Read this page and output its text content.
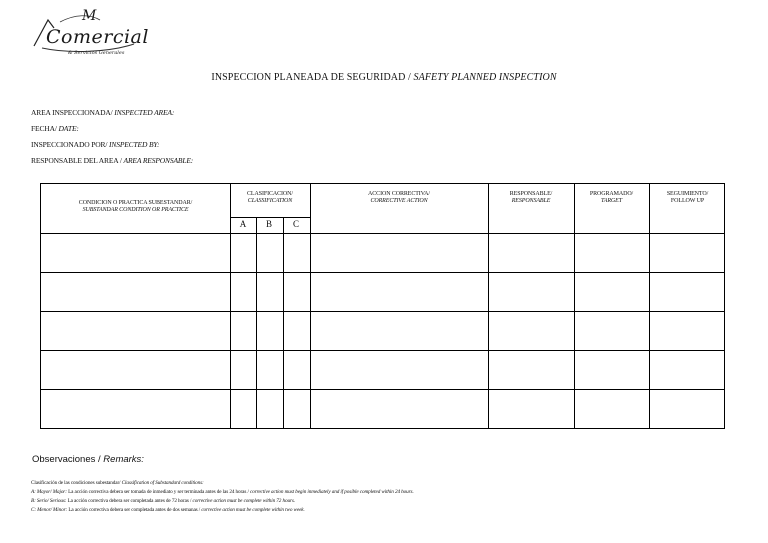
M
Comercial
& Servicios Generales
INSPECCION PLANEADA DE SEGURIDAD / SAFETY PLANNED INSPECTION
AREA INSPECCIONADA/ INSPECTED AREA:
FECHA/ DATE:
INSPECCIONADO POR/ INSPECTED BY:
RESPONSABLE DEL AREA / AREA RESPONSABLE:
CONDICION O PRACTICA SUBESTANDAR/
SUBSTANDAR CONDITION OR PRACTICE
CLASIFICACION/
CLASSIFICATION
A	B	C
ACCION CORRECTIVA/
CORRECTIVE ACTION
RESPONSABLE/
RESPONSABLE
PROGRAMADO/
TARGET
SEGUIMIENTO/
FOLLOW UP
Observaciones / Remarks:
Clasificación de las condiciones subestandar/ Classification of Substandard conditions:
A: Mayor/ Major: La acción correctiva debera ser tomada de inmediato y ser terminada antes de las 24 horas / corrective action must begin inmediately and if posible completed within 24 hours.
B: Serio/ Serious: La acción correctiva debera ser completada antes de 72 horas / corrective action must be complete within 72 hours.
C: Menor/ Minor: La acción correctiva debera ser completada antes de dos semanas / corrective action must be complete within two week.
